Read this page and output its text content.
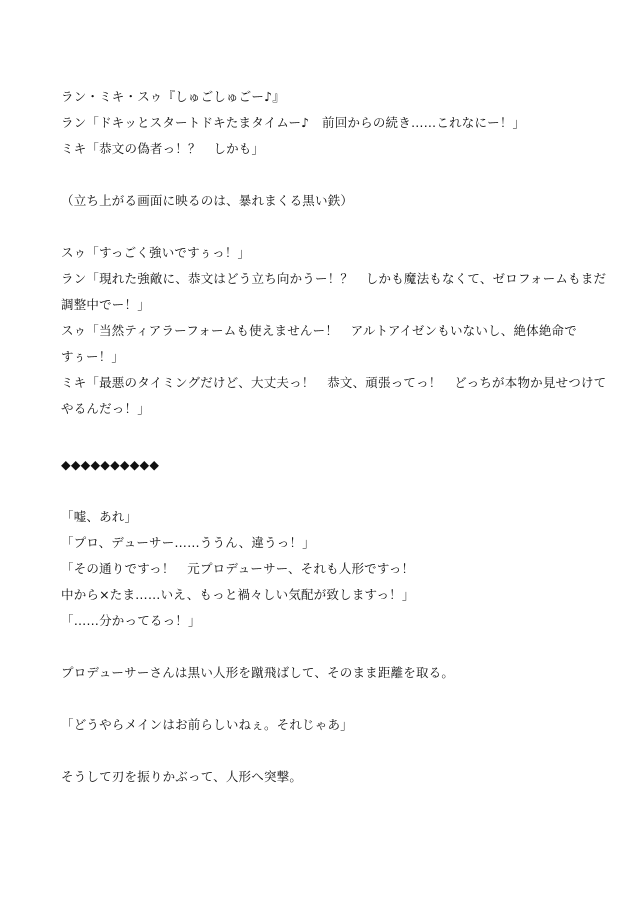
ラン・ミキ・スゥ『しゅごしゅごー♪』
ラン「ドキッとスタートドキたまタイムー♪　前回からの続き……これなにー！」
ミキ「恭文の偽者っ！？　しかも」
（立ち上がる画面に映るのは、暴れまくる黒い鉄）
スゥ「すっごく強いですぅっ！」
ラン「現れた強敵に、恭文はどう立ち向かうー！？　しかも魔法もなくて、ゼロフォームもまだ
調整中でー！」
スゥ「当然ティアラーフォームも使えませんー！　アルトアイゼンもいないし、絶体絶命で
すぅー！」
ミキ「最悪のタイミングだけど、大丈夫っ！　恭文、頑張ってっ！　どっちが本物か見せつけて
やるんだっ！」
◆◆◆◆◆◆◆◆◆◆
「嘘、あれ」
「プロ、デューサー……ううん、違うっ！」
「その通りですっ！　元プロデューサー、それも人形ですっ！
中から×たま……いえ、もっと禍々しい気配が致しますっ！」
「……分かってるっ！」
プロデューサーさんは黒い人形を蹴飛ばして、そのまま距離を取る。
「どうやらメインはお前らしいねぇ。それじゃあ」
そうして刃を振りかぶって、人形へ突撃。
